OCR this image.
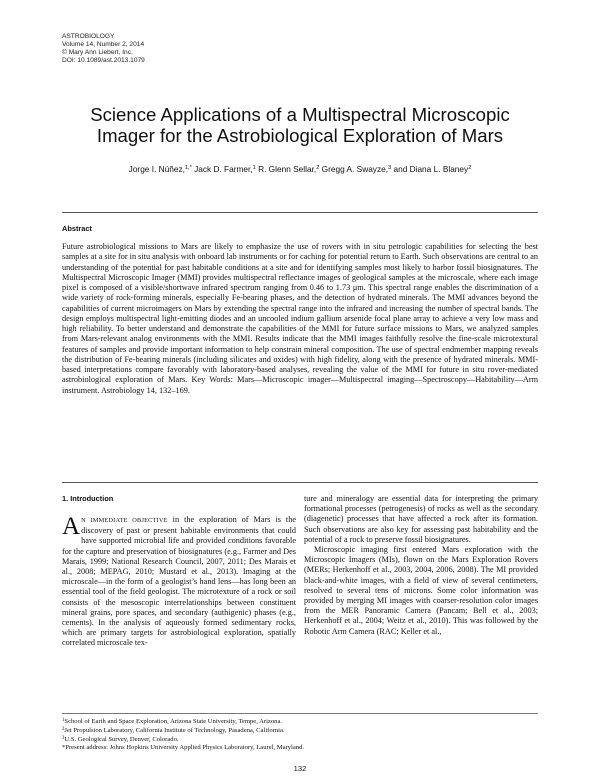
ASTROBIOLOGY
Volume 14, Number 2, 2014
© Mary Ann Liebert, Inc.
DOI: 10.1089/ast.2013.1079
Science Applications of a Multispectral Microscopic
Imager for the Astrobiological Exploration of Mars
Jorge I. Núñez,$^{1,*}$ Jack D. Farmer,$^1$ R. Glenn Sellar,$^2$ Gregg A. Swayze,$^3$ and Diana L. Blaney$^2$
Abstract
Future astrobiological missions to Mars are likely to emphasize the use of rovers with in situ petrologic capabilities for selecting the best samples at a site for in situ analysis with onboard lab instruments or for caching for potential return to Earth. Such observations are central to an understanding of the potential for past habitable conditions at a site and for identifying samples most likely to harbor fossil biosignatures. The Multispectral Microscopic Imager (MMI) provides multispectral reflectance images of geological samples at the microscale, where each image pixel is composed of a visible/shortwave infrared spectrum ranging from 0.46 to 1.73 μm. This spectral range enables the discrimination of a wide variety of rock-forming minerals, especially Fe-bearing phases, and the detection of hydrated minerals. The MMI advances beyond the capabilities of current microimagers on Mars by extending the spectral range into the infrared and increasing the number of spectral bands. The design employs multispectral light-emitting diodes and an uncooled indium gallium arsenide focal plane array to achieve a very low mass and high reliability. To better understand and demonstrate the capabilities of the MMI for future surface missions to Mars, we analyzed samples from Mars-relevant analog environments with the MMI. Results indicate that the MMI images faithfully resolve the fine-scale microtextural features of samples and provide important information to help constrain mineral composition. The use of spectral endmember mapping reveals the distribution of Fe-bearing minerals (including silicates and oxides) with high fidelity, along with the presence of hydrated minerals. MMI-based interpretations compare favorably with laboratory-based analyses, revealing the value of the MMI for future in situ rover-mediated astrobiological exploration of Mars. Key Words: Mars—Microscopic imager—Multispectral imaging—Spectroscopy—Habitability—Arm instrument. Astrobiology 14, 132–169.
1. Introduction

A N IMMEDIATE OBJECTIVE in the exploration of Mars is the discovery of past or present habitable environments that could have supported microbial life and provided conditions favorable for the capture and preservation of biosignatures (e.g., Farmer and Des Marais, 1999; National Research Council, 2007, 2011; Des Marais et al., 2008; MEPAG, 2010; Mustard et al., 2013). Imaging at the microscale—in the form of a geologist’s hand lens—has long been an essential tool of the field geologist. The microtexture of a rock or soil consists of the mesoscopic interrelationships between constituent mineral grains, pore spaces, and secondary (authigenic) phases (e.g., cements). In the analysis of aqueously formed sedimentary rocks, which are primary targets for astrobiological exploration, spatially correlated microscale tex-

ture and mineralogy are essential data for interpreting the primary formational processes (petrogenesis) of rocks as well as the secondary (diagenetic) processes that have affected a rock after its formation. Such observations are also key for assessing past habitability and the potential of a rock to preserve fossil biosignatures.

Microscopic imaging first entered Mars exploration with the Microscopic Imagers (MIs), flown on the Mars Exploration Rovers (MERs; Herkenhoff et al., 2003, 2004, 2006, 2008). The MI provided black-and-white images, with a field of view of several centimeters, resolved to several tens of microns. Some color information was provided by merging MI images with coarser-resolution color images from the MER Panoramic Camera (Pancam; Bell et al., 2003; Herkenhoff et al., 2004; Weitz et al., 2010). This was followed by the Robotic Arm Camera (RAC; Keller et al.,

$^1$School of Earth and Space Exploration, Arizona State University, Tempe, Arizona.
$^2$Jet Propulsion Laboratory, California Institute of Technology, Pasadena, California.
$^3$U.S. Geological Survey, Denver, Colorado.
*Present address: Johns Hopkins University Applied Physics Laboratory, Laurel, Maryland.
132
